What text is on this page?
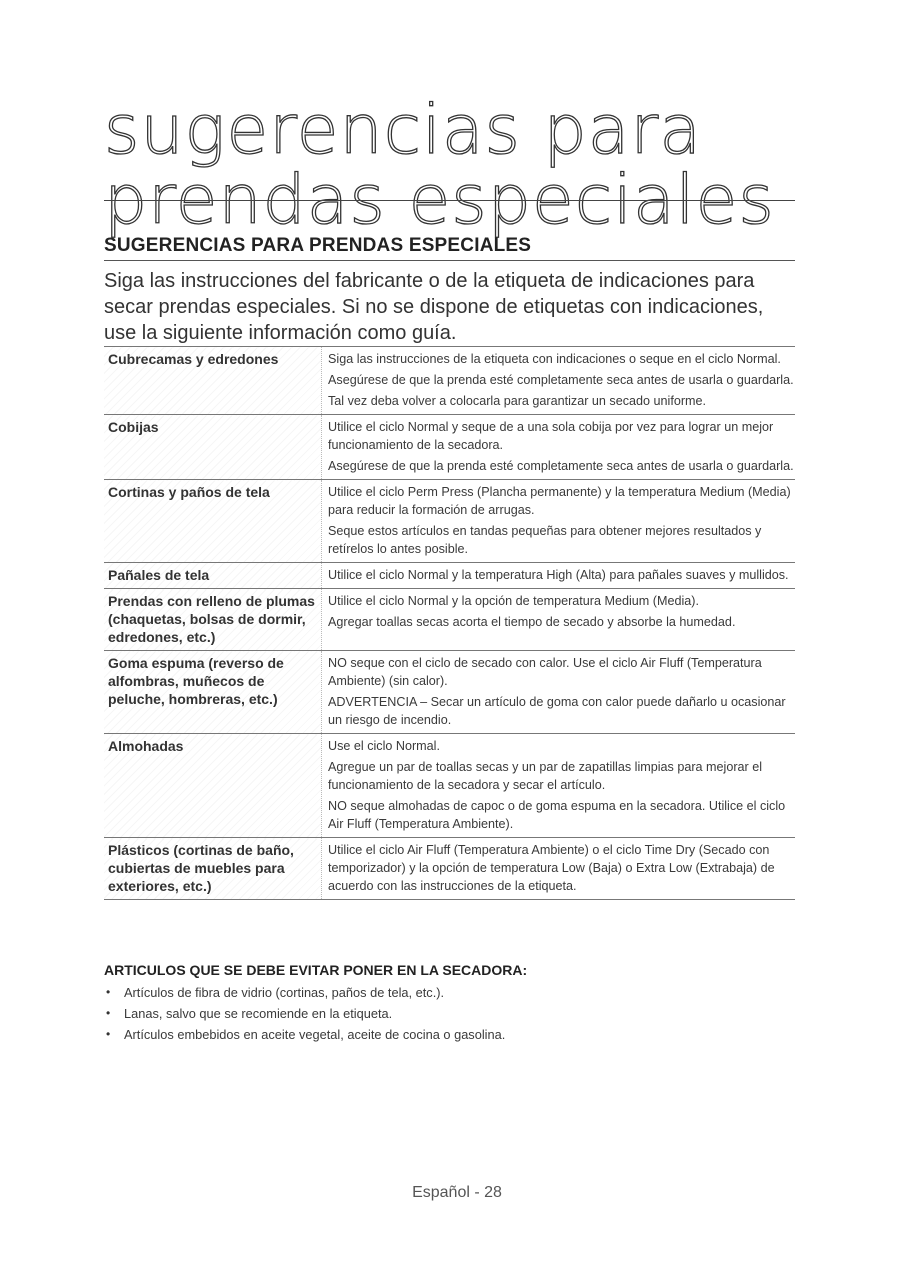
sugerencias para prendas especiales
SUGERENCIAS PARA PRENDAS ESPECIALES
Siga las instrucciones del fabricante o de la etiqueta de indicaciones para secar prendas especiales. Si no se dispone de etiquetas con indicaciones, use la siguiente información como guía.
Cubrecamas y edredones	Siga las instrucciones de la etiqueta con indicaciones o seque en el ciclo Normal.

Asegúrese de que la prenda esté completamente seca antes de usarla o guardarla.

Tal vez deba volver a colocarla para garantizar un secado uniforme.

Cobijas	Utilice el ciclo Normal y seque de a una sola cobija por vez para lograr un mejor funcionamiento de la secadora.

Asegúrese de que la prenda esté completamente seca antes de usarla o guardarla.

Cortinas y paños de tela	Utilice el ciclo Perm Press (Plancha permanente) y la temperatura Medium (Media) para reducir la formación de arrugas.

Seque estos artículos en tandas pequeñas para obtener mejores resultados y retírelos lo antes posible.

Pañales de tela	Utilice el ciclo Normal y la temperatura High (Alta) para pañales suaves y mullidos.

Prendas con relleno de plumas (chaquetas, bolsas de dormir, edredones, etc.)	Utilice el ciclo Normal y la opción de temperatura Medium (Media).

Agregar toallas secas acorta el tiempo de secado y absorbe la humedad.

Goma espuma (reverso de alfombras, muñecos de peluche, hombreras, etc.)	NO seque con el ciclo de secado con calor. Use el ciclo Air Fluff (Temperatura Ambiente) (sin calor).

ADVERTENCIA – Secar un artículo de goma con calor puede dañarlo u ocasionar un riesgo de incendio.

Almohadas	Use el ciclo Normal.

Agregue un par de toallas secas y un par de zapatillas limpias para mejorar el funcionamiento de la secadora y secar el artículo.

NO seque almohadas de capoc o de goma espuma en la secadora. Utilice el ciclo Air Fluff (Temperatura Ambiente).

Plásticos (cortinas de baño, cubiertas de muebles para exteriores, etc.)	Utilice el ciclo Air Fluff (Temperatura Ambiente) o el ciclo Time Dry (Secado con temporizador) y la opción de temperatura Low (Baja) o Extra Low (Extrabaja) de acuerdo con las instrucciones de la etiqueta.

ARTICULOS QUE SE DEBE EVITAR PONER EN LA SECADORA:
• Artículos de fibra de vidrio (cortinas, paños de tela, etc.).
• Lanas, salvo que se recomiende en la etiqueta.
• Artículos embebidos en aceite vegetal, aceite de cocina o gasolina.
Español - 28
